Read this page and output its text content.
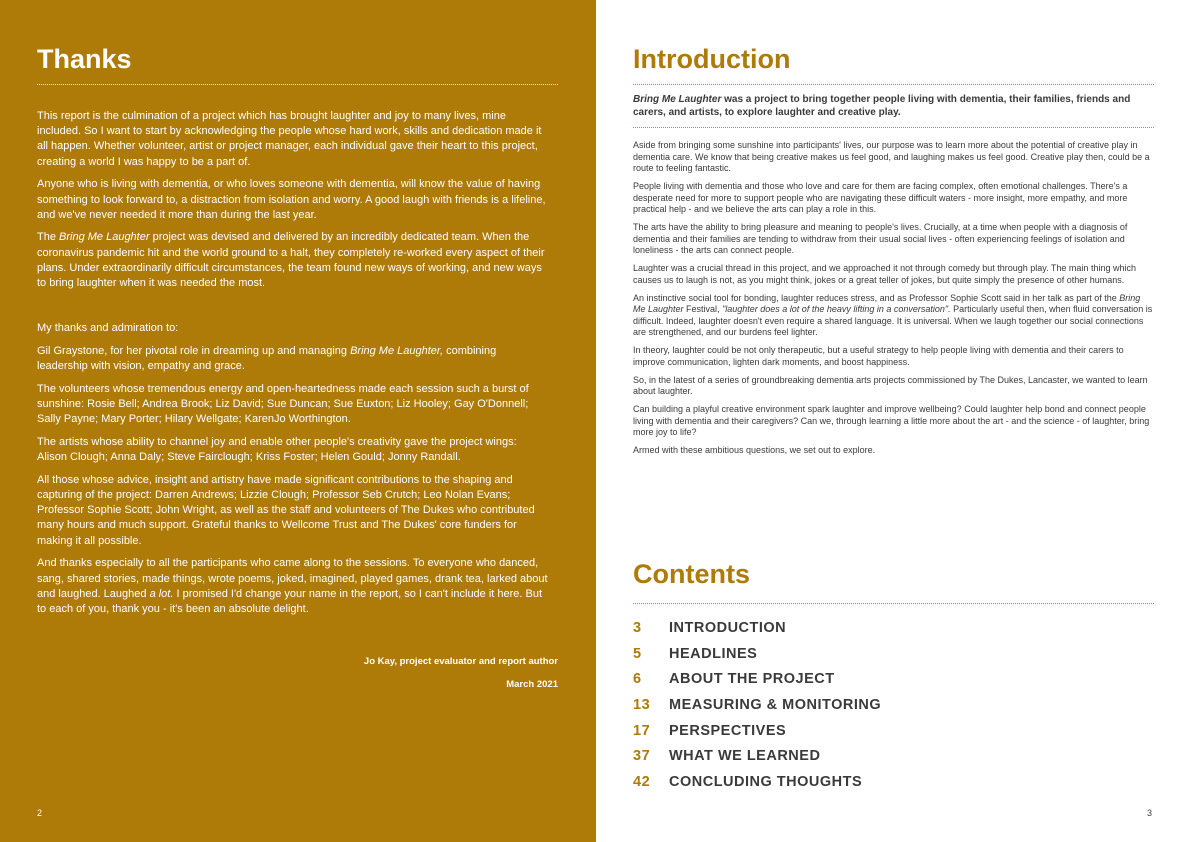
Thanks

This report is the culmination of a project which has brought laughter and joy to many lives, mine included. So I want to start by acknowledging the people whose hard work, skills and dedication made it all happen. Whether volunteer, artist or project manager, each individual gave their heart to this project, creating a world I was happy to be a part of.

Anyone who is living with dementia, or who loves someone with dementia, will know the value of having something to look forward to, a distraction from isolation and worry. A good laugh with friends is a lifeline, and we've never needed it more than during the last year.

The Bring Me Laughter project was devised and delivered by an incredibly dedicated team. When the coronavirus pandemic hit and the world ground to a halt, they completely re-worked every aspect of their plans. Under extraordinarily difficult circumstances, the team found new ways of working, and new ways to bring laughter when it was needed the most.

My thanks and admiration to:

Gil Graystone, for her pivotal role in dreaming up and managing Bring Me Laughter, combining leadership with vision, empathy and grace.

The volunteers whose tremendous energy and open-heartedness made each session such a burst of sunshine: Rosie Bell; Andrea Brook; Liz David; Sue Duncan; Sue Euxton; Liz Hooley; Gay O'Donnell; Sally Payne; Mary Porter; Hilary Wellgate; KarenJo Worthington.

The artists whose ability to channel joy and enable other people's creativity gave the project wings: Alison Clough; Anna Daly; Steve Fairclough; Kriss Foster; Helen Gould; Jonny Randall.

All those whose advice, insight and artistry have made significant contributions to the shaping and capturing of the project: Darren Andrews; Lizzie Clough; Professor Seb Crutch; Leo Nolan Evans; Professor Sophie Scott; John Wright, as well as the staff and volunteers of The Dukes who contributed many hours and much support. Grateful thanks to Wellcome Trust and The Dukes' core funders for making it all possible.

And thanks especially to all the participants who came along to the sessions. To everyone who danced, sang, shared stories, made things, wrote poems, joked, imagined, played games, drank tea, larked about and laughed. Laughed a lot. I promised I'd change your name in the report, so I can't include it here. But to each of you, thank you - it's been an absolute delight.

Jo Kay, project evaluator and report author
March 2021
2
Introduction
Bring Me Laughter was a project to bring together people living with dementia, their families, friends and carers, and artists, to explore laughter and creative play.

Aside from bringing some sunshine into participants' lives, our purpose was to learn more about the potential of creative play in dementia care. We know that being creative makes us feel good, and laughing makes us feel good. Creative play then, could be a route to feeling fantastic.

People living with dementia and those who love and care for them are facing complex, often emotional challenges. There's a desperate need for more to support people who are navigating these difficult waters - more insight, more empathy, and more practical help - and we believe the arts can play a role in this.

The arts have the ability to bring pleasure and meaning to people's lives. Crucially, at a time when people with a diagnosis of dementia and their families are tending to withdraw from their usual social lives - often experiencing feelings of isolation and loneliness - the arts can connect people.

Laughter was a crucial thread in this project, and we approached it not through comedy but through play. The main thing which causes us to laugh is not, as you might think, jokes or a great teller of jokes, but quite simply the presence of other humans.

An instinctive social tool for bonding, laughter reduces stress, and as Professor Sophie Scott said in her talk as part of the Bring Me Laughter Festival, "laughter does a lot of the heavy lifting in a conversation". Particularly useful then, when fluid conversation is difficult. Indeed, laughter doesn't even require a shared language. It is universal. When we laugh together our social connections are strengthened, and our burdens feel lighter.

In theory, laughter could be not only therapeutic, but a useful strategy to help people living with dementia and their carers to improve communication, lighten dark moments, and boost happiness.

So, in the latest of a series of groundbreaking dementia arts projects commissioned by The Dukes, Lancaster, we wanted to learn about laughter.

Can building a playful creative environment spark laughter and improve wellbeing? Could laughter help bond and connect people living with dementia and their caregivers? Can we, through learning a little more about the art - and the science - of laughter, bring more joy to life?

Armed with these ambitious questions, we set out to explore.

Contents
3	INTRODUCTION
5	HEADLINES
6	ABOUT THE PROJECT
13	MEASURING & MONITORING
17	PERSPECTIVES
37	WHAT WE LEARNED
42	CONCLUDING THOUGHTS
3
